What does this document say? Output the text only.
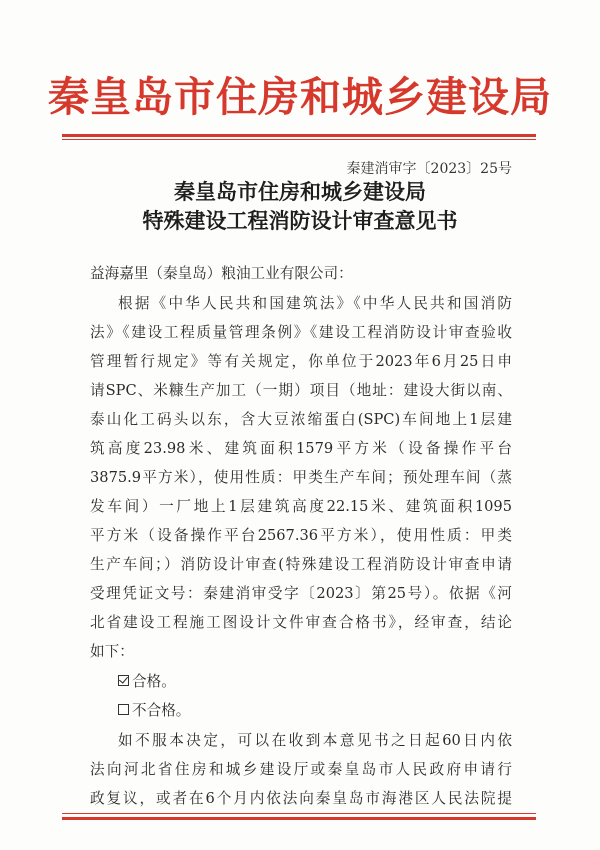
秦皇岛市住房和城乡建设局
秦建消审字〔2023〕25号
秦皇岛市住房和城乡建设局
特殊建设工程消防设计审查意见书
益海嘉里（秦皇岛）粮油工业有限公司：
根据《中华人民共和国建筑法》《中华人民共和国消防
法》《建设工程质量管理条例》《建设工程消防设计审查验收
管理暂行规定》等有关规定，你单位于2023年6月25日申
请SPC、米糠生产加工（一期）项目（地址：建设大街以南、
泰山化工码头以东，含大豆浓缩蛋白(SPC)车间地上1层建
筑高度23.98米、建筑面积1579平方米（设备操作平台
3875.9平方米），使用性质：甲类生产车间；预处理车间（蒸
发车间）一厂地上1层建筑高度22.15米、建筑面积1095
平方米（设备操作平台2567.36平方米），使用性质：甲类
生产车间；）消防设计审查(特殊建设工程消防设计审查申请
受理凭证文号：秦建消审受字〔2023〕第25号）。依据《河
北省建设工程施工图设计文件审查合格书》，经审查，结论
如下：
合格。
不合格。
如不服本决定，可以在收到本意见书之日起60日内依
法向河北省住房和城乡建设厅或秦皇岛市人民政府申请行
政复议，或者在6个月内依法向秦皇岛市海港区人民法院提
